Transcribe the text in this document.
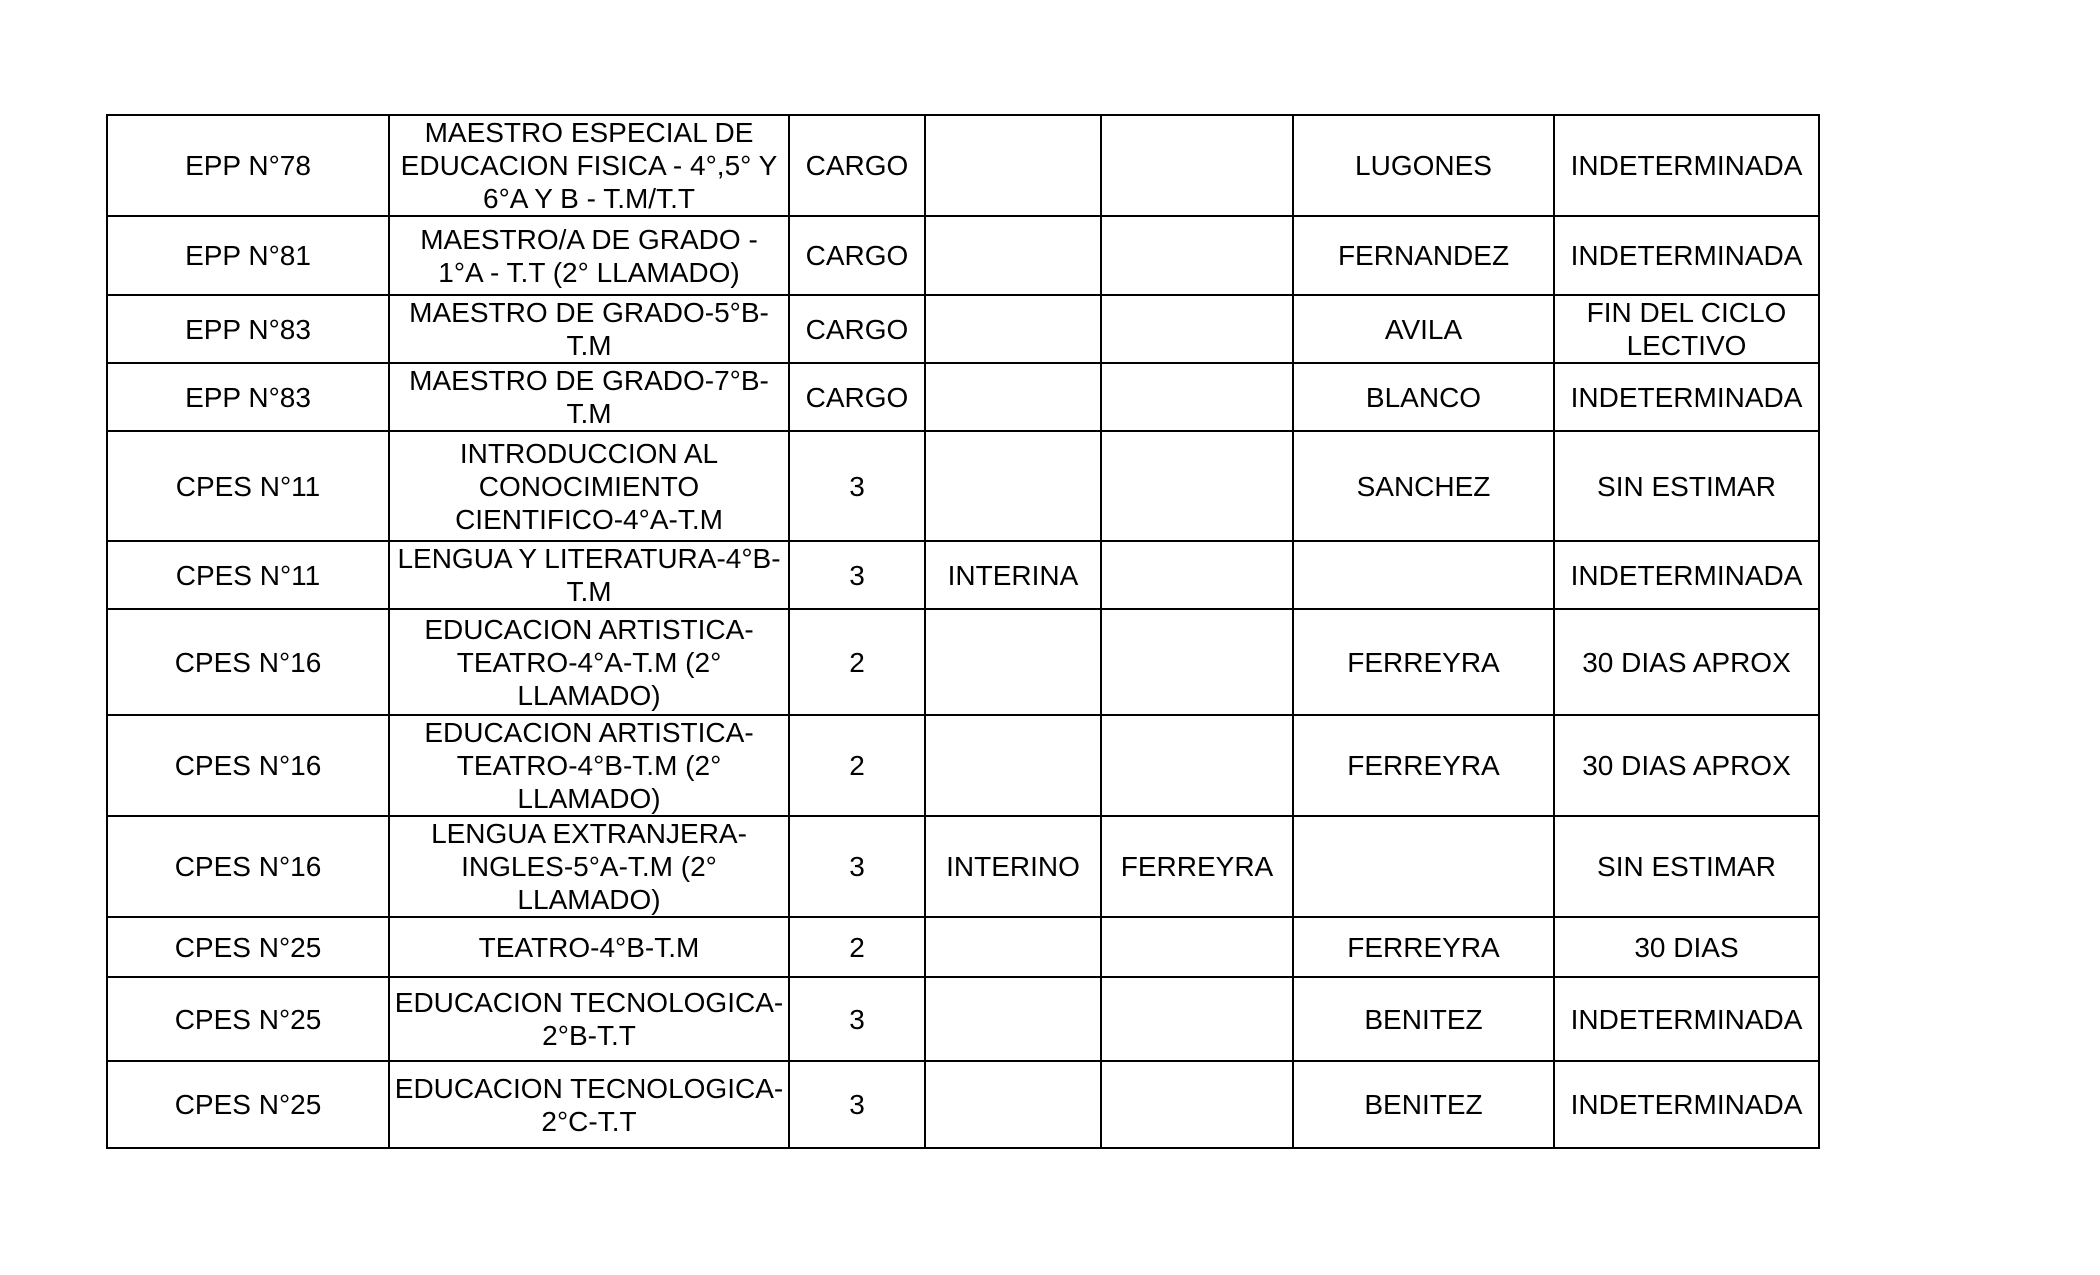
EPP N°78	MAESTRO ESPECIAL DE EDUCACION FISICA - 4°,5° Y 6°A Y B - T.M/T.T	CARGO			LUGONES	INDETERMINADA
EPP N°81	MAESTRO/A DE GRADO - 1°A - T.T (2° LLAMADO)	CARGO			FERNANDEZ	INDETERMINADA
EPP N°83	MAESTRO DE GRADO-5°B-T.M	CARGO			AVILA	FIN DEL CICLO LECTIVO
EPP N°83	MAESTRO DE GRADO-7°B-T.M	CARGO			BLANCO	INDETERMINADA
CPES N°11	INTRODUCCION AL CONOCIMIENTO CIENTIFICO-4°A-T.M	3			SANCHEZ	SIN ESTIMAR
CPES N°11	LENGUA Y LITERATURA-4°B-T.M	3	INTERINA			INDETERMINADA
CPES N°16	EDUCACION ARTISTICA-TEATRO-4°A-T.M (2° LLAMADO)	2			FERREYRA	30 DIAS APROX
CPES N°16	EDUCACION ARTISTICA-TEATRO-4°B-T.M (2° LLAMADO)	2			FERREYRA	30 DIAS APROX
CPES N°16	LENGUA EXTRANJERA-INGLES-5°A-T.M (2° LLAMADO)	3	INTERINO	FERREYRA		SIN ESTIMAR
CPES N°25	TEATRO-4°B-T.M	2			FERREYRA	30 DIAS
CPES N°25	EDUCACION TECNOLOGICA-2°B-T.T	3			BENITEZ	INDETERMINADA
CPES N°25	EDUCACION TECNOLOGICA-2°C-T.T	3			BENITEZ	INDETERMINADA
